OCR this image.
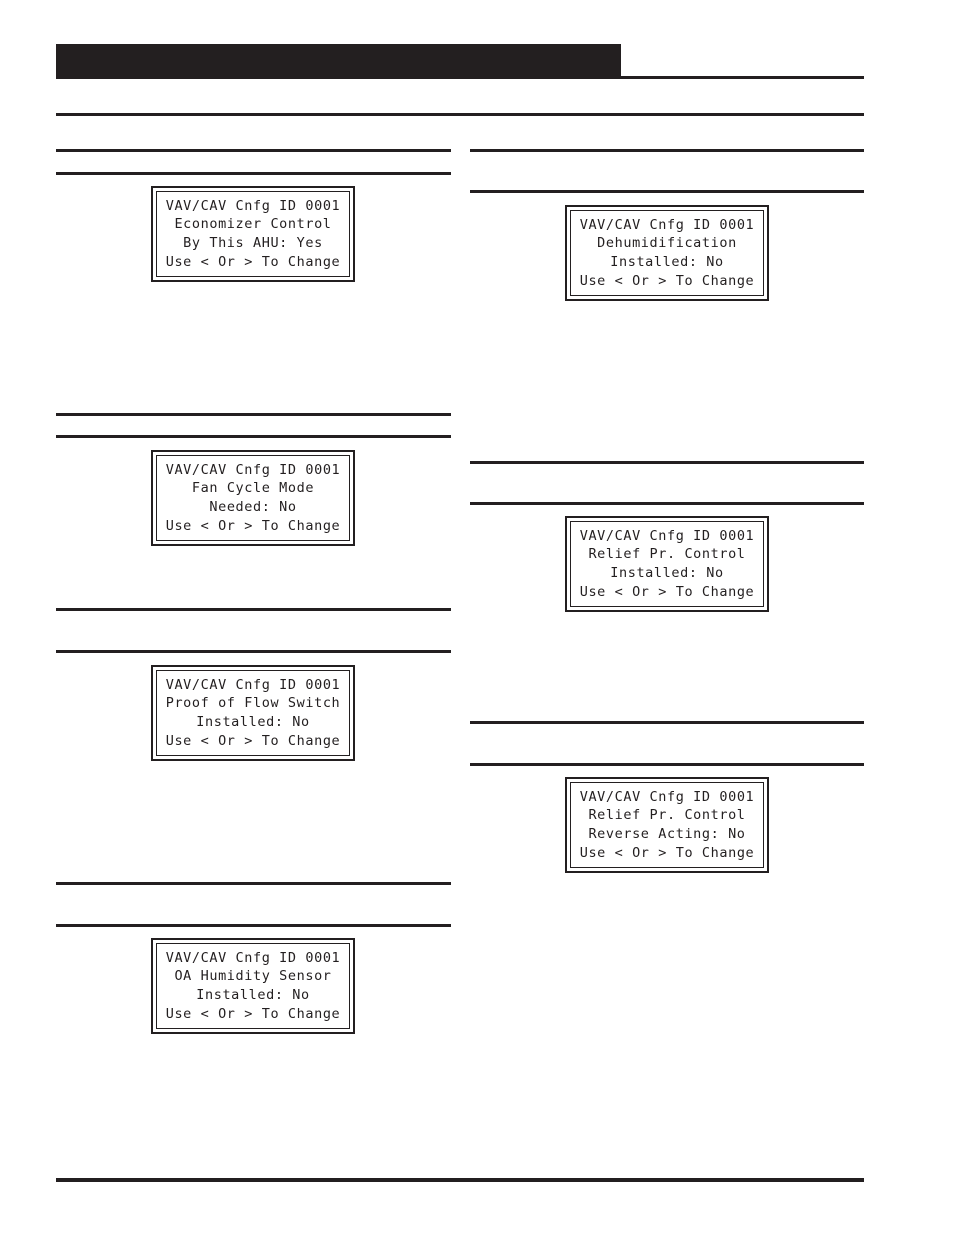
VAV/CAV Cnfg ID 0001
Economizer Control
By This AHU: Yes
Use < Or > To Change
VAV/CAV Cnfg ID 0001
Fan Cycle Mode
Needed: No
Use < Or > To Change
VAV/CAV Cnfg ID 0001
Proof of Flow Switch
Installed: No
Use < Or > To Change
VAV/CAV Cnfg ID 0001
OA Humidity Sensor
Installed: No
Use < Or > To Change
VAV/CAV Cnfg ID 0001
Dehumidification
Installed: No
Use < Or > To Change
VAV/CAV Cnfg ID 0001
Relief Pr. Control
Installed: No
Use < Or > To Change
VAV/CAV Cnfg ID 0001
Relief Pr. Control
Reverse Acting: No
Use < Or > To Change
